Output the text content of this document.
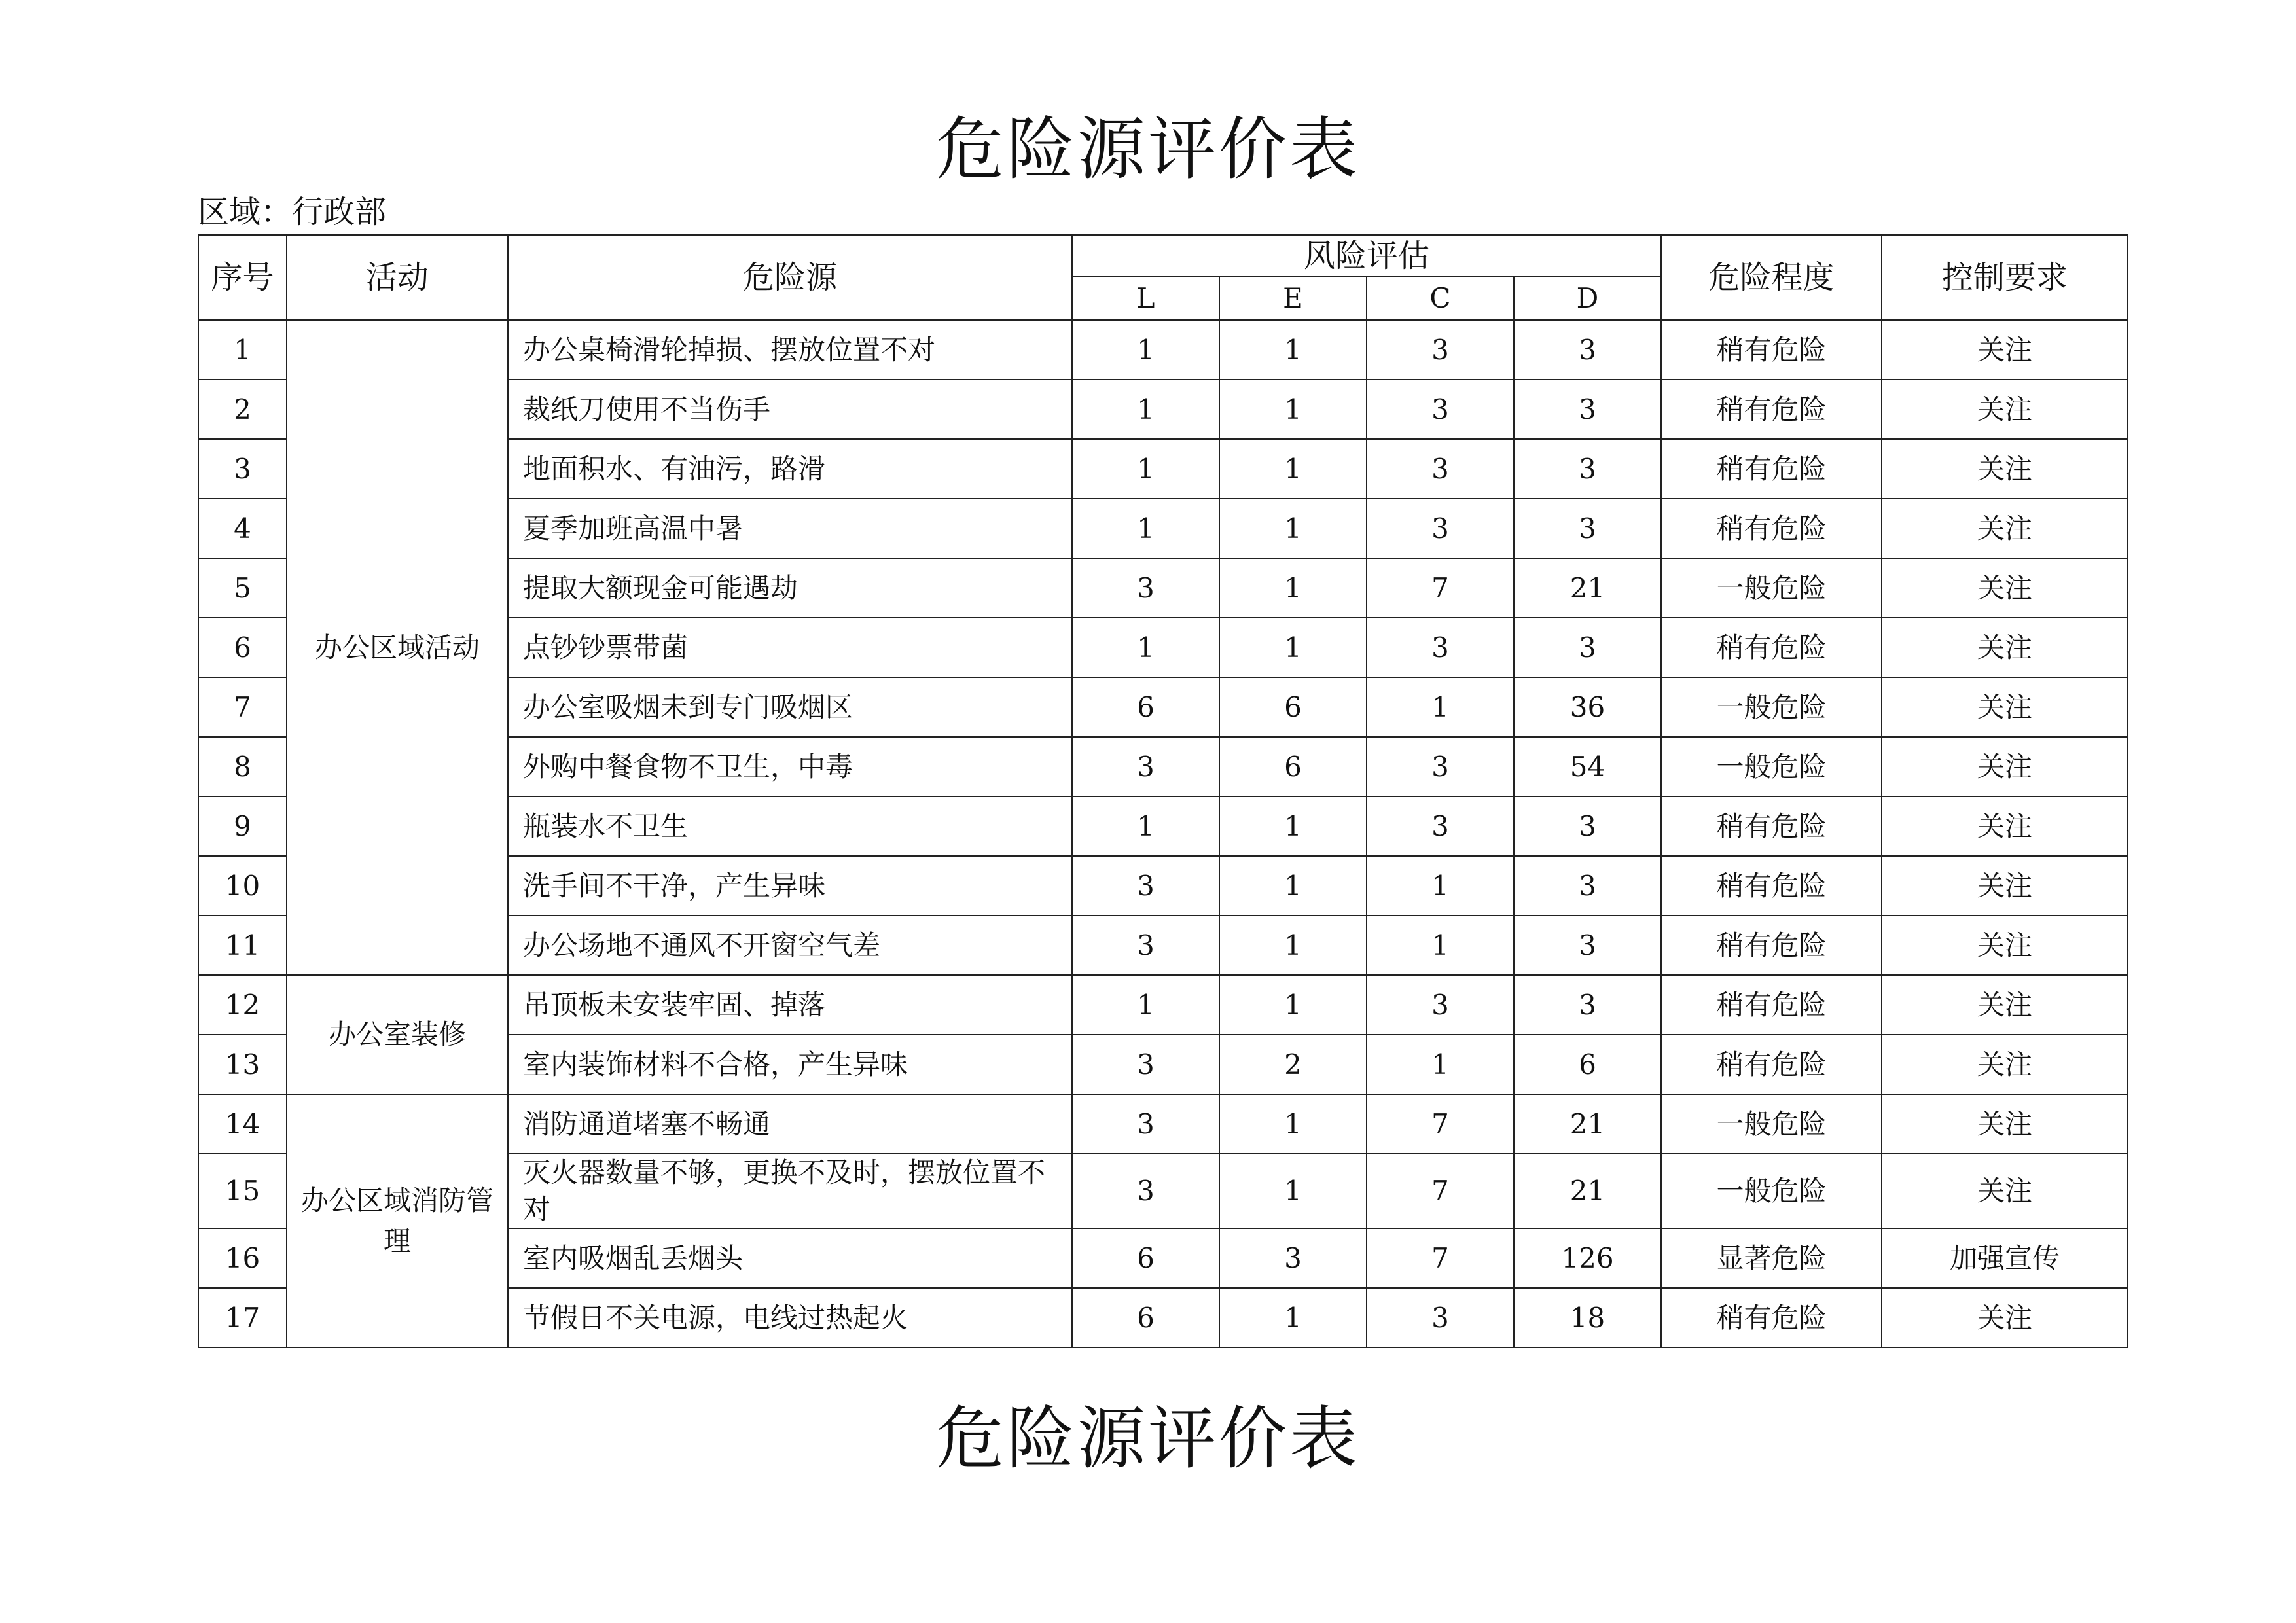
危险源评价表
区域：行政部
序号	活动	危险源	风险评估				危险程度	控制要求
			L	E	C	D		
1	办公区域活动	办公桌椅滑轮掉损、摆放位置不对	1	1	3	3	稍有危险	关注
2		裁纸刀使用不当伤手	1	1	3	3	稍有危险	关注
3		地面积水、有油污，路滑	1	1	3	3	稍有危险	关注
4		夏季加班高温中暑	1	1	3	3	稍有危险	关注
5		提取大额现金可能遇劫	3	1	7	21	一般危险	关注
6		点钞钞票带菌	1	1	3	3	稍有危险	关注
7		办公室吸烟未到专门吸烟区	6	6	1	36	一般危险	关注
8		外购中餐食物不卫生，中毒	3	6	3	54	一般危险	关注
9		瓶装水不卫生	1	1	3	3	稍有危险	关注
10		洗手间不干净，产生异味	3	1	1	3	稍有危险	关注
11		办公场地不通风不开窗空气差	3	1	1	3	稍有危险	关注
12	办公室装修	吊顶板未安装牢固、掉落	1	1	3	3	稍有危险	关注
13		室内装饰材料不合格，产生异味	3	2	1	6	稍有危险	关注
14	办公区域消防管理	消防通道堵塞不畅通	3	1	7	21	一般危险	关注
15		灭火器数量不够，更换不及时，摆放位置不对	3	1	7	21	一般危险	关注
16		室内吸烟乱丢烟头	6	3	7	126	显著危险	加强宣传
17		节假日不关电源，电线过热起火	6	1	3	18	稍有危险	关注
危险源评价表
